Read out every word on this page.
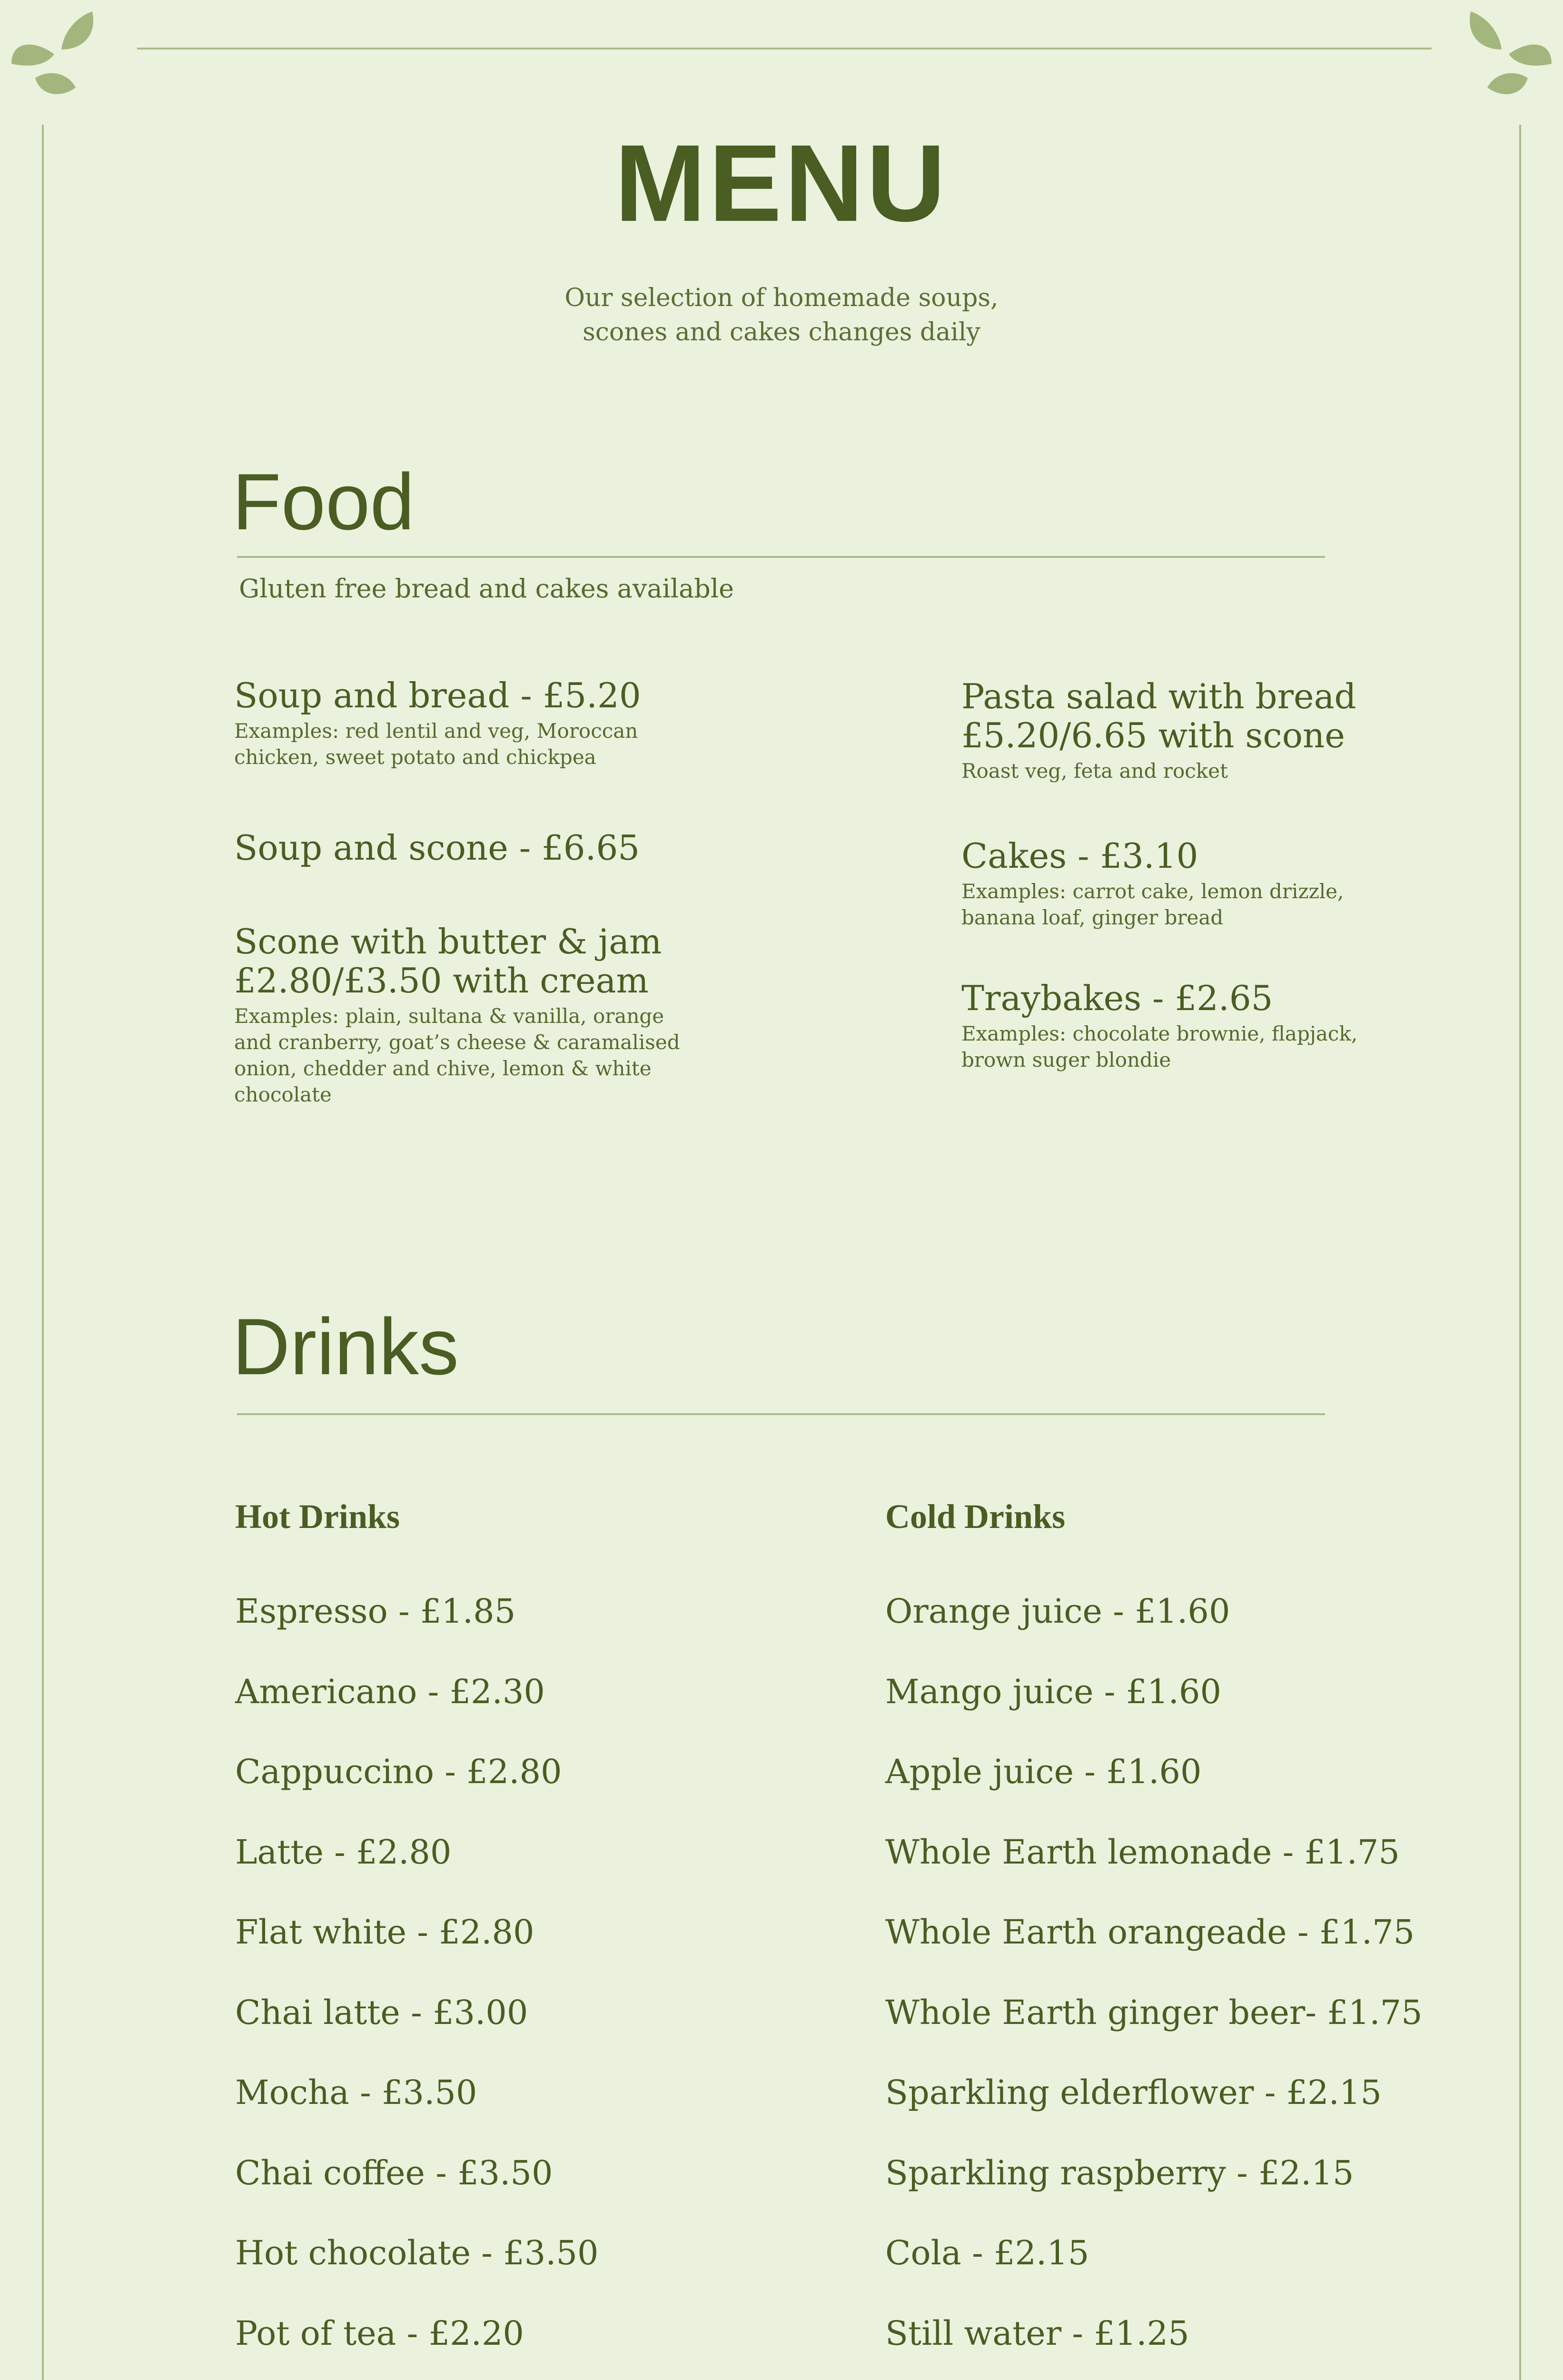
MENU
Our selection of homemade soups,
scones and cakes changes daily
Food
Gluten free bread and cakes available
Soup and bread - £5.20
Examples: red lentil and veg, Moroccan
chicken, sweet potato and chickpea
Soup and scone - £6.65
Scone with butter & jam
£2.80/£3.50 with cream
Examples: plain, sultana & vanilla, orange
and cranberry, goat’s cheese & caramalised
onion, chedder and chive, lemon & white
chocolate
Pasta salad with bread
£5.20/6.65 with scone
Roast veg, feta and rocket
Cakes - £3.10
Examples: carrot cake, lemon drizzle,
banana loaf, ginger bread
Traybakes - £2.65
Examples: chocolate brownie, flapjack,
brown suger blondie
Drinks
Hot Drinks	Cold Drinks
Espresso - £1.85
Americano - £2.30
Cappuccino - £2.80
Latte - £2.80
Flat white - £2.80
Chai latte - £3.00
Mocha - £3.50
Chai coffee - £3.50
Hot chocolate - £3.50
Pot of tea - £2.20
Orange juice - £1.60
Mango juice - £1.60
Apple juice - £1.60
Whole Earth lemonade - £1.75
Whole Earth orangeade - £1.75
Whole Earth ginger beer- £1.75
Sparkling elderflower - £2.15
Sparkling raspberry - £2.15
Cola - £2.15
Still water - £1.25
